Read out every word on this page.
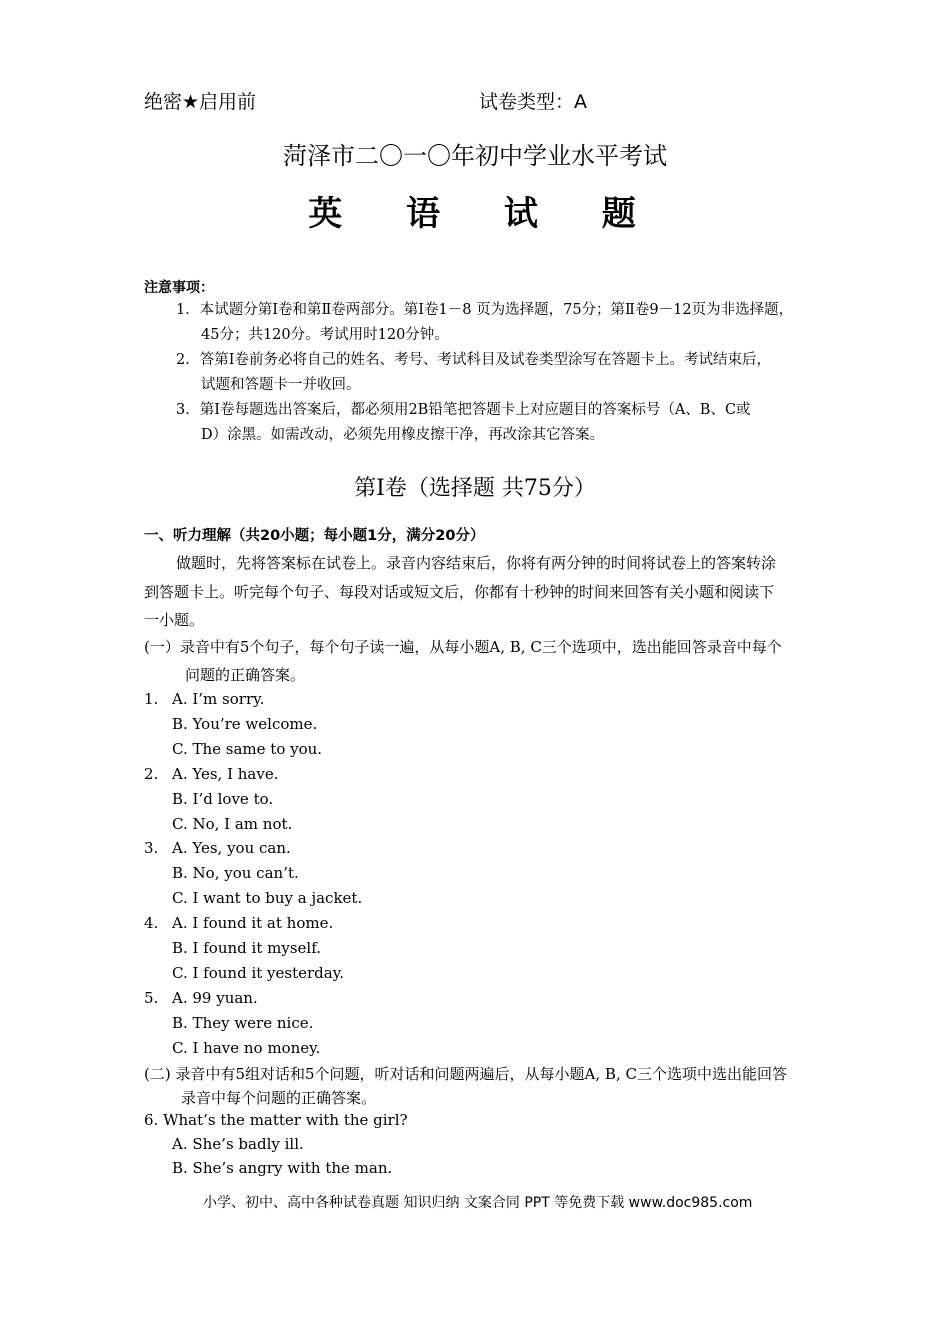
绝密★启用前	试卷类型：A
菏泽市二〇一〇年初中学业水平考试
英 语 试 题
注意事项：
1．本试题分第Ⅰ卷和第Ⅱ卷两部分。第Ⅰ卷1－8 页为选择题，75分；第Ⅱ卷9－12页为非选择题，
45分；共120分。考试用时120分钟。
2．答第Ⅰ卷前务必将自己的姓名、考号、考试科目及试卷类型涂写在答题卡上。考试结束后，
试题和答题卡一并收回。
3．第Ⅰ卷每题选出答案后，都必须用2B铅笔把答题卡上对应题目的答案标号（A、B、C或
D）涂黑。如需改动，必须先用橡皮擦干净，再改涂其它答案。
第Ⅰ卷（选择题 共75分）
一、听力理解（共20小题；每小题1分，满分20分）
做题时，先将答案标在试卷上。录音内容结束后，你将有两分钟的时间将试卷上的答案转涂
到答题卡上。听完每个句子、每段对话或短文后，你都有十秒钟的时间来回答有关小题和阅读下
一小题。
(一）录音中有5个句子，每个句子读一遍，从每小题A, B, C三个选项中，选出能回答录音中每个
问题的正确答案。
1. A. I’m sorry.
B. You’re welcome.
C. The same to you.
2. A. Yes, I have.
B. I’d love to.
C. No, I am not.
3. A. Yes, you can.
B. No, you can’t.
C. I want to buy a jacket.
4. A. I found it at home.
B. I found it myself.
C. I found it yesterday.
5. A. 99 yuan.
B. They were nice.
C. I have no money.
(二) 录音中有5组对话和5个问题，听对话和问题两遍后，从每小题A, B, C三个选项中选出能回答
录音中每个问题的正确答案。
6. What’s the matter with the girl?
A. She’s badly ill.
B. She’s angry with the man.
小学、初中、高中各种试卷真题 知识归纳 文案合同 PPT 等免费下载 www.doc985.com
